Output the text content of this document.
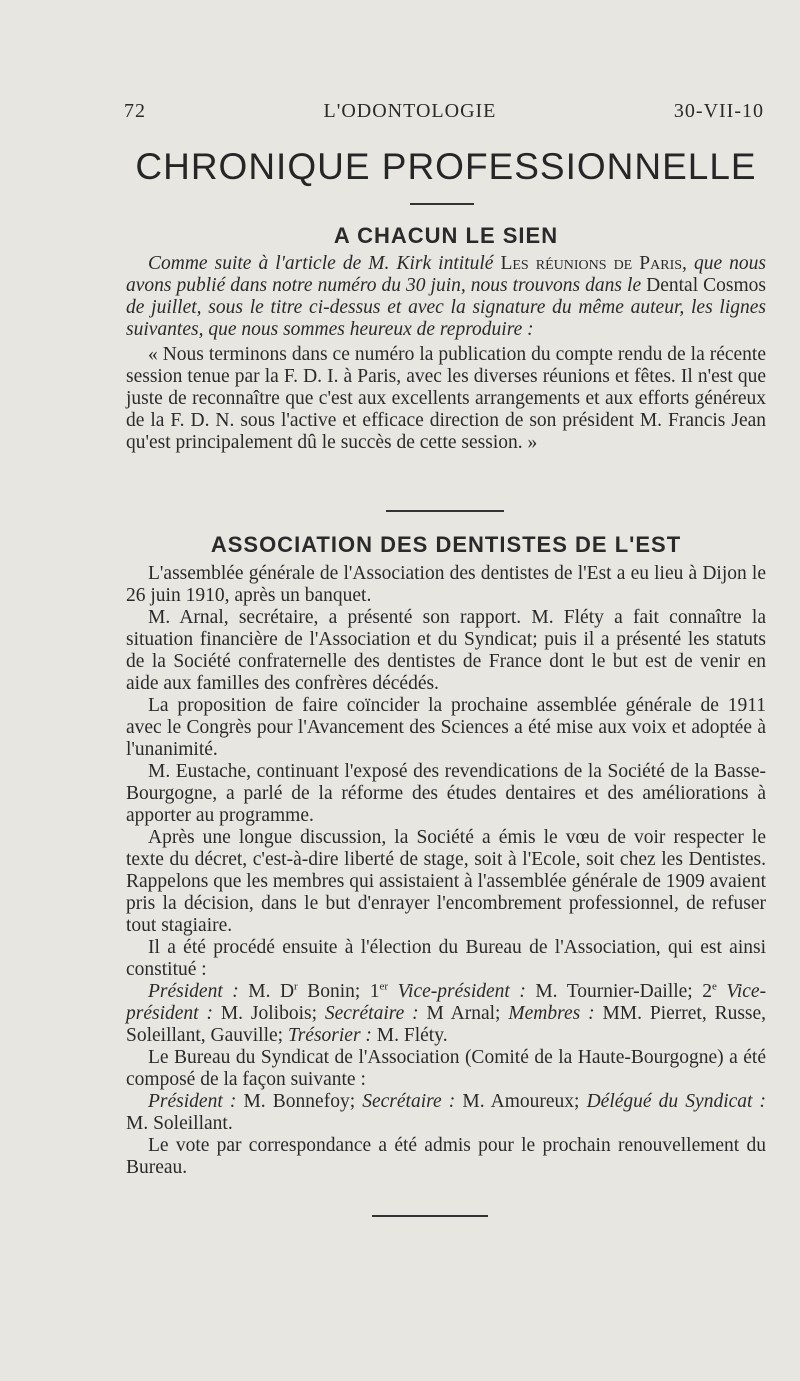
72	L'ODONTOLOGIE	30-VII-10
CHRONIQUE PROFESSIONNELLE
A CHACUN LE SIEN

Comme suite à l'article de M. Kirk intitulé Les réunions de Paris, que nous avons publié dans notre numéro du 30 juin, nous trouvons dans le Dental Cosmos de juillet, sous le titre ci-dessus et avec la signature du même auteur, les lignes suivantes, que nous sommes heureux de reproduire :

« Nous terminons dans ce numéro la publication du compte rendu de la récente session tenue par la F. D. I. à Paris, avec les diverses réunions et fêtes. Il n'est que juste de reconnaître que c'est aux excellents arrangements et aux efforts généreux de la F. D. N. sous l'active et efficace direction de son président M. Francis Jean qu'est principalement dû le succès de cette session. »

ASSOCIATION DES DENTISTES DE L'EST

L'assemblée générale de l'Association des dentistes de l'Est a eu lieu à Dijon le 26 juin 1910, après un banquet.

M. Arnal, secrétaire, a présenté son rapport. M. Fléty a fait connaître la situation financière de l'Association et du Syndicat; puis il a présenté les statuts de la Société confraternelle des dentistes de France dont le but est de venir en aide aux familles des confrères décédés.

La proposition de faire coïncider la prochaine assemblée générale de 1911 avec le Congrès pour l'Avancement des Sciences a été mise aux voix et adoptée à l'unanimité.

M. Eustache, continuant l'exposé des revendications de la Société de la Basse-Bourgogne, a parlé de la réforme des études dentaires et des améliorations à apporter au programme.

Après une longue discussion, la Société a émis le vœu de voir respecter le texte du décret, c'est-à-dire liberté de stage, soit à l'Ecole, soit chez les Dentistes. Rappelons que les membres qui assistaient à l'assemblée générale de 1909 avaient pris la décision, dans le but d'enrayer l'encombrement professionnel, de refuser tout stagiaire.

Il a été procédé ensuite à l'élection du Bureau de l'Association, qui est ainsi constitué :

Président : M. $D^r$ Bonin; 1er Vice-président : M. Tournier-Daille; 2e Vice-président : M. Jolibois; Secrétaire : M Arnal; Membres : MM. Pierret, Russe, Soleillant, Gauville; Trésorier : M. Fléty.

Le Bureau du Syndicat de l'Association (Comité de la Haute-Bourgogne) a été composé de la façon suivante :

Président : M. Bonnefoy; Secrétaire : M. Amoureux; Délégué du Syndicat : M. Soleillant.

Le vote par correspondance a été admis pour le prochain renouvellement du Bureau.
